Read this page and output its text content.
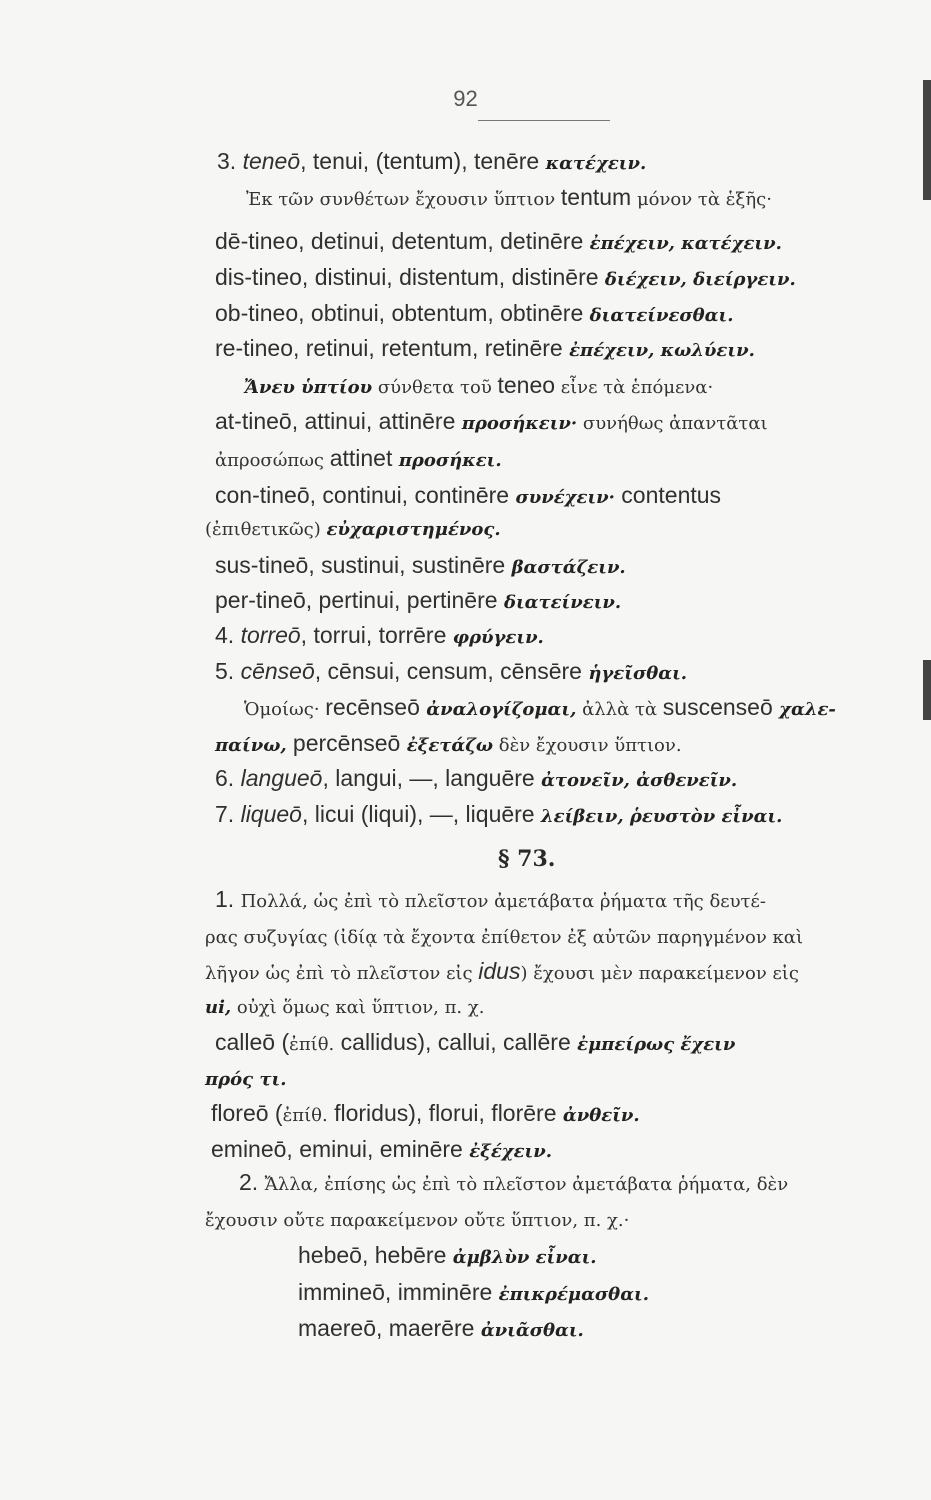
92
3. teneō, tenui, (tentum), tenēre κατέχειν.
Ἐκ τῶν συνθέτων ἔχουσιν ὕπτιον tentum μόνον τὰ ἑξῆς·
dē-tineo, detinui, detentum, detinēre ἐπέχειν, κατέχειν.
dis-tineo, distinui, distentum, distinēre διέχειν, διείργειν.
ob-tineo, obtinui, obtentum, obtinēre διατείνεσθαι.
re-tineo, retinui, retentum, retinēre ἐπέχειν, κωλύειν.
Ἄνευ ὑπτίου σύνθετα τοῦ teneo εἶνε τὰ ἑπόμενα·
at-tineō, attinui, attinēre προσήκειν· συνήθως ἀπαντᾶται
ἀπροσώπως attinet προσήκει.
con-tineō, continui, continēre συνέχειν· contentus
(ἐπιθετικῶς) εὐχαριστημένος.
sus-tineō, sustinui, sustinēre βαστάζειν.
per-tineō, pertinui, pertinēre διατείνειν.
4. torreō, torrui, torrēre φρύγειν.
5. cēnseō, cēnsui, censum, cēnsēre ἡγεῖσθαι.
Ὁμοίως· recēnseō ἀναλογίζομαι, ἀλλὰ τὰ suscenseō χαλε-
παίνω, percēnseō ἐξετάζω δὲν ἔχουσιν ὕπτιον.
6. langueō, langui, —, languēre ἀτονεῖν, ἀσθενεῖν.
7. liqueō, licui (liqui), —, liquēre λείβειν, ῥευστὸν εἶναι.
§ 73.
1. Πολλά, ὡς ἐπὶ τὸ πλεῖστον ἀμετάβατα ῥήματα τῆς δευτέ-
ρας συζυγίας (ἰδίᾳ τὰ ἔχοντα ἐπίθετον ἐξ αὐτῶν παρηγμένον καὶ
λῆγον ὡς ἐπὶ τὸ πλεῖστον εἰς idus) ἔχουσι μὲν παρακείμενον εἰς
ui, οὐχὶ ὅμως καὶ ὕπτιον, π. χ.
calleō (ἐπίθ. callidus), callui, callēre ἐμπείρως ἔχειν
πρός τι.
floreō (ἐπίθ. floridus), florui, florēre ἀνθεῖν.
emineō, eminui, eminēre ἐξέχειν.
2. Ἄλλα, ἐπίσης ὡς ἐπὶ τὸ πλεῖστον ἀμετάβατα ῥήματα, δὲν
ἔχουσιν οὔτε παρακείμενον οὔτε ὕπτιον, π. χ.·
hebeō, hebēre ἀμβλὺν εἶναι.
immineō, imminēre ἐπικρέμασθαι.
maereō, maerēre ἀνιᾶσθαι.
